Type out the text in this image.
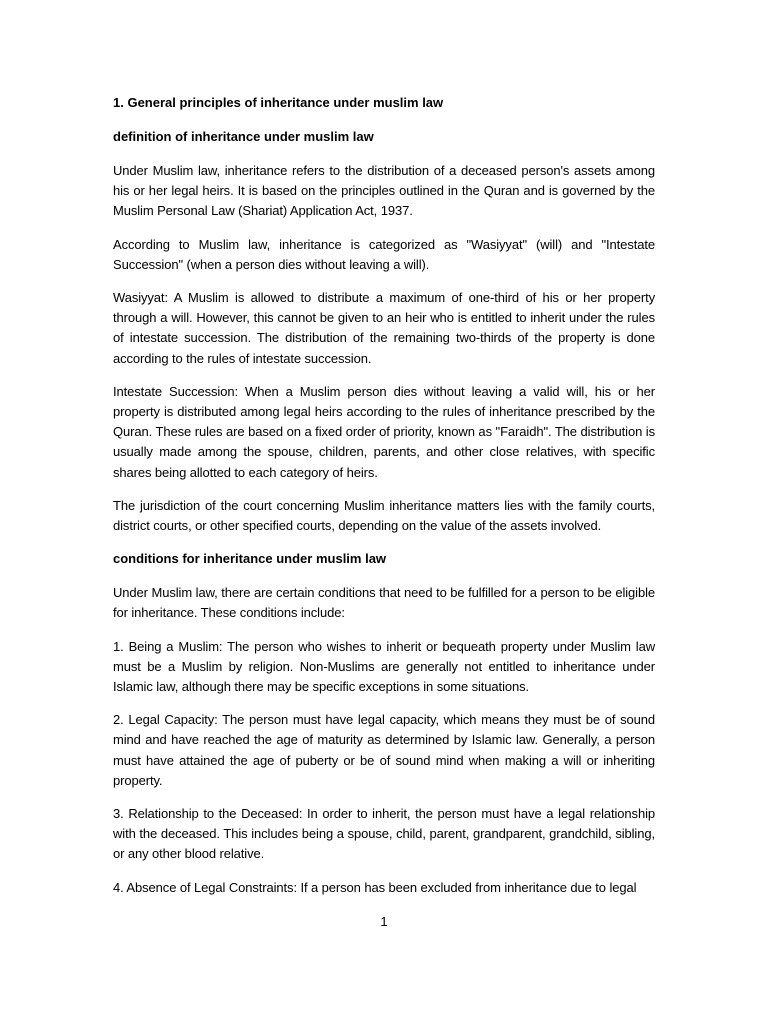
1. General principles of inheritance under muslim law
definition of inheritance under muslim law

Under Muslim law, inheritance refers to the distribution of a deceased person's assets among his or her legal heirs. It is based on the principles outlined in the Quran and is governed by the Muslim Personal Law (Shariat) Application Act, 1937.

According to Muslim law, inheritance is categorized as "Wasiyyat" (will) and "Intestate Succession" (when a person dies without leaving a will).

Wasiyyat: A Muslim is allowed to distribute a maximum of one-third of his or her property through a will. However, this cannot be given to an heir who is entitled to inherit under the rules of intestate succession. The distribution of the remaining two-thirds of the property is done according to the rules of intestate succession.

Intestate Succession: When a Muslim person dies without leaving a valid will, his or her property is distributed among legal heirs according to the rules of inheritance prescribed by the Quran. These rules are based on a fixed order of priority, known as "Faraidh". The distribution is usually made among the spouse, children, parents, and other close relatives, with specific shares being allotted to each category of heirs.

The jurisdiction of the court concerning Muslim inheritance matters lies with the family courts, district courts, or other specified courts, depending on the value of the assets involved.

conditions for inheritance under muslim law

Under Muslim law, there are certain conditions that need to be fulfilled for a person to be eligible for inheritance. These conditions include:

1. Being a Muslim: The person who wishes to inherit or bequeath property under Muslim law must be a Muslim by religion. Non-Muslims are generally not entitled to inheritance under Islamic law, although there may be specific exceptions in some situations.

2. Legal Capacity: The person must have legal capacity, which means they must be of sound mind and have reached the age of maturity as determined by Islamic law. Generally, a person must have attained the age of puberty or be of sound mind when making a will or inheriting property.

3. Relationship to the Deceased: In order to inherit, the person must have a legal relationship with the deceased. This includes being a spouse, child, parent, grandparent, grandchild, sibling, or any other blood relative.

4. Absence of Legal Constraints: If a person has been excluded from inheritance due to legal

1
